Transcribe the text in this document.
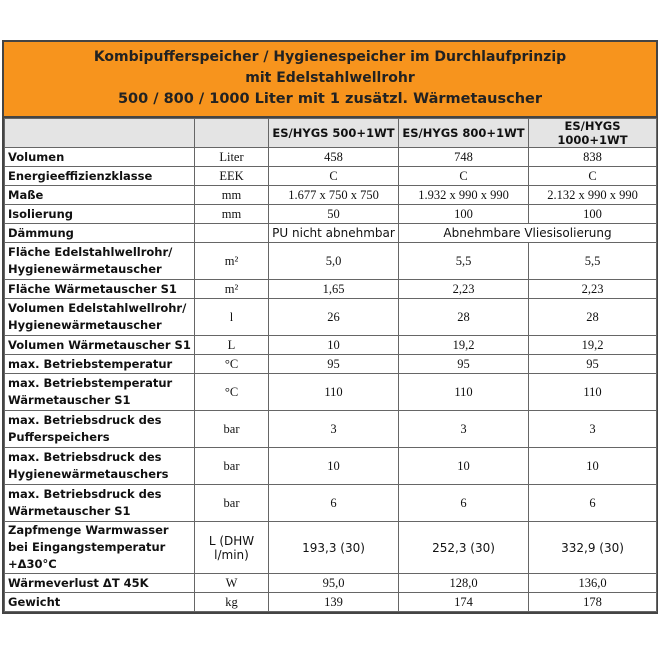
Kombipufferspeicher / Hygienespeicher im Durchlaufprinzip
mit Edelstahlwellrohr
500 / 800 / 1000 Liter mit 1 zusätzl. Wärmetauscher
		ES/HYGS 500+1WT	ES/HYGS 800+1WT	ES/HYGS 1000+1WT
Volumen	Liter	458	748	838
Energieeffizienzklasse	EEK	C	C	C
Maße	mm	1.677 x 750 x 750	1.932 x 990 x 990	2.132 x 990 x 990
Isolierung	mm	50	100	100
Dämmung		PU nicht abnehmbar	Abnehmbare Vliesisolierung	
Fläche Edelstahlwellrohr/ Hygienewärmetauscher	m²	5,0	5,5	5,5
Fläche Wärmetauscher S1	m²	1,65	2,23	2,23
Volumen Edelstahlwellrohr/ Hygienewärmetauscher	l	26	28	28
Volumen Wärmetauscher S1	L	10	19,2	19,2
max. Betriebstemperatur	°C	95	95	95
max. Betriebstemperatur Wärmetauscher S1	°C	110	110	110
max. Betriebsdruck des Pufferspeichers	bar	3	3	3
max. Betriebsdruck des Hygienewärmetauschers	bar	10	10	10
max. Betriebsdruck des Wärmetauscher S1	bar	6	6	6
Zapfmenge Warmwasser bei Eingangstemperatur +Δ30°C	L (DHW l/min)	193,3 (30)	252,3 (30)	332,9 (30)
Wärmeverlust ΔT 45K	W	95,0	128,0	136,0
Gewicht	kg	139	174	178
